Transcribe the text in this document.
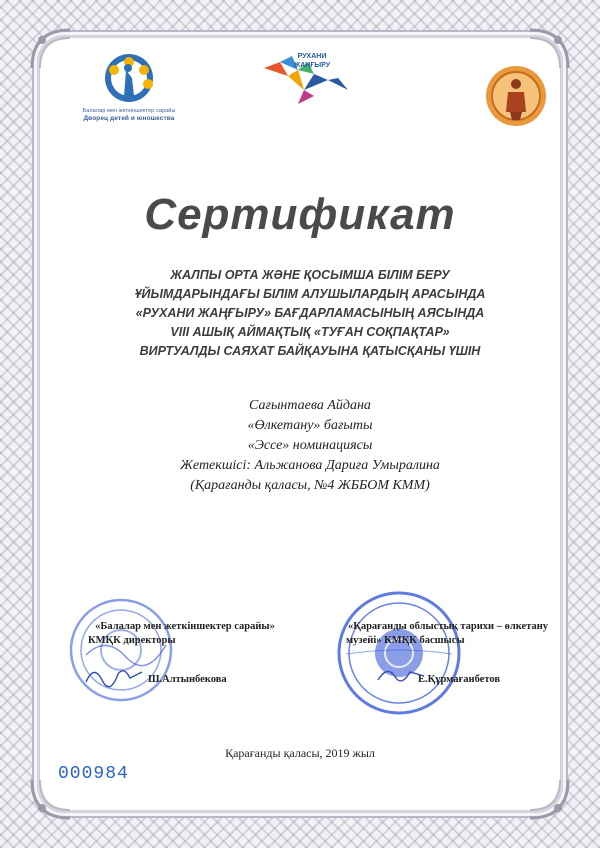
Балалар мен жеткіншектер сарайы
Дворец детей и юношества
РУХАНИ
ЖАҢҒЫРУ
Сертификат
ЖАЛПЫ ОРТА ЖӘНЕ ҚОСЫМША БІЛІМ БЕРУ
ҰЙЫМДАРЫНДАҒЫ БІЛІМ АЛУШЫЛАРДЫҢ АРАСЫНДА
«РУХАНИ ЖАҢҒЫРУ» БАҒДАРЛАМАСЫНЫҢ АЯСЫНДА
VIII АШЫҚ АЙМАҚТЫҚ «ТУҒАН СОҚПАҚТАР»
ВИРТУАЛДЫ САЯХАТ БАЙҚАУЫНА ҚАТЫСҚАНЫ ҮШІН
Сағынтаева Айдана
«Өлкетану» бағыты
«Эссе» номинациясы
Жетекшісі: Альжанова Дариға Умыралина
(Қарағанды қаласы, №4 ЖББОМ КММ)
«Балалар мен жеткіншектер сарайы»
КМҚК директоры
Ш.Алтынбекова
«Қарағанды облыстық тарихи – өлкетану
музейі» КМҚК басшысы
Е.Құрмағанбетов
Қарағанды қаласы, 2019 жыл
000984
